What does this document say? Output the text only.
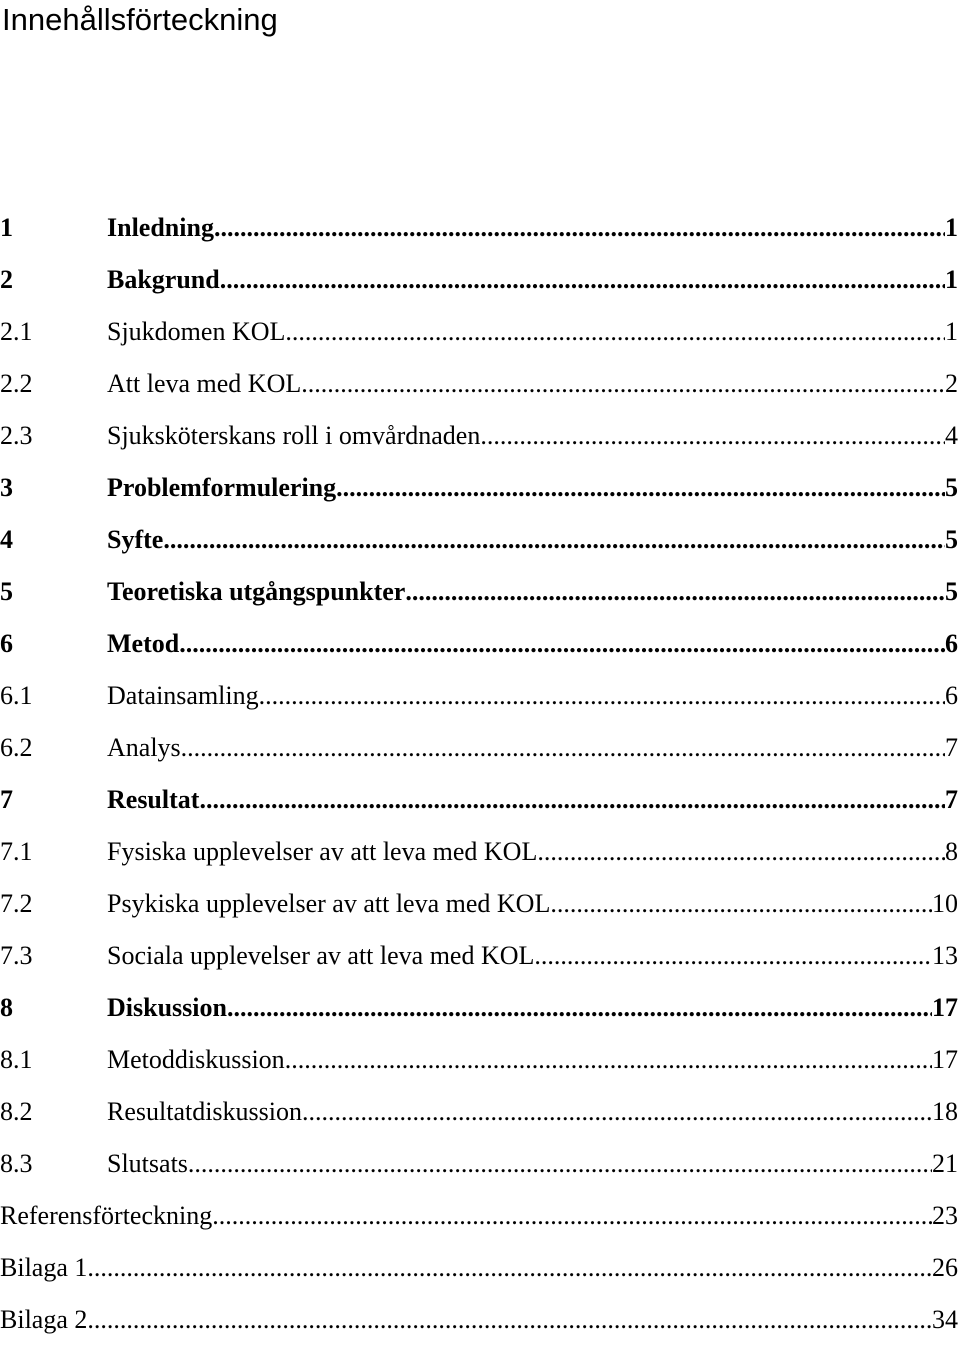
Innehållsförteckning
1	Inledning .....	1
2	Bakgrund .....	1
2.1	Sjukdomen KOL .....	1
2.2	Att leva med KOL .....	2
2.3	Sjuksköterskans roll i omvårdnaden .....	4
3	Problemformulering .....	5
4	Syfte .....	5
5	Teoretiska utgångspunkter .....	5
6	Metod .....	6
6.1	Datainsamling .....	6
6.2	Analys .....	7
7	Resultat .....	7
7.1	Fysiska upplevelser av att leva med KOL .....	8
7.2	Psykiska upplevelser av att leva med KOL .....	10
7.3	Sociala upplevelser av att leva med KOL .....	13
8	Diskussion .....	17
8.1	Metoddiskussion .....	17
8.2	Resultatdiskussion .....	18
8.3	Slutsats .....	21
Referensförteckning .....	23
Bilaga 1 .....	26
Bilaga 2 .....	34
